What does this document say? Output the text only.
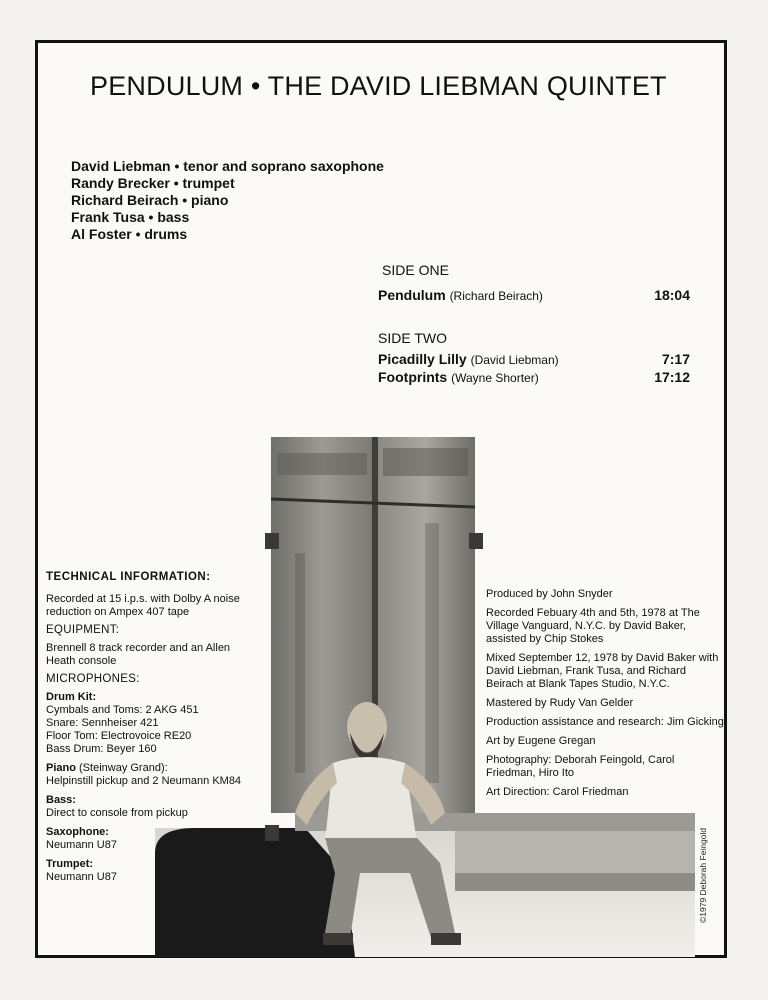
PENDULUM • THE DAVID LIEBMAN QUINTET
David Liebman • tenor and soprano saxophone
Randy Brecker • trumpet
Richard Beirach • piano
Frank Tusa • bass
Al Foster • drums
SIDE ONE
Pendulum (Richard Beirach)	18:04
SIDE TWO
Picadilly Lilly (David Liebman)	7:17
Footprints (Wayne Shorter)	17:12
TECHNICAL INFORMATION:

Recorded at 15 i.p.s. with Dolby A noise reduction on Ampex 407 tape

EQUIPMENT:

Brennell 8 track recorder and an Allen Heath console

MICROPHONES:
Drum Kit:
Cymbals and Toms: 2 AKG 451
Snare: Sennheiser 421
Floor Tom: Electrovoice RE20
Bass Drum: Beyer 160
Piano (Steinway Grand):
Helpinstill pickup and 2 Neumann KM84
Bass:
Direct to console from pickup
Saxophone:
Neumann U87
Trumpet:
Neumann U87
Produced by John Snyder
Recorded Febuary 4th and 5th, 1978 at The Village Vanguard, N.Y.C. by David Baker, assisted by Chip Stokes
Mixed September 12, 1978 by David Baker with David Liebman, Frank Tusa, and Richard Beirach at Blank Tapes Studio, N.Y.C.
Mastered by Rudy Van Gelder
Production assistance and research: Jim Gicking
Art by Eugene Gregan
Photography: Deborah Feingold, Carol Friedman, Hiro Ito
Art Direction: Carol Friedman
©1979 Deborah Feingold
